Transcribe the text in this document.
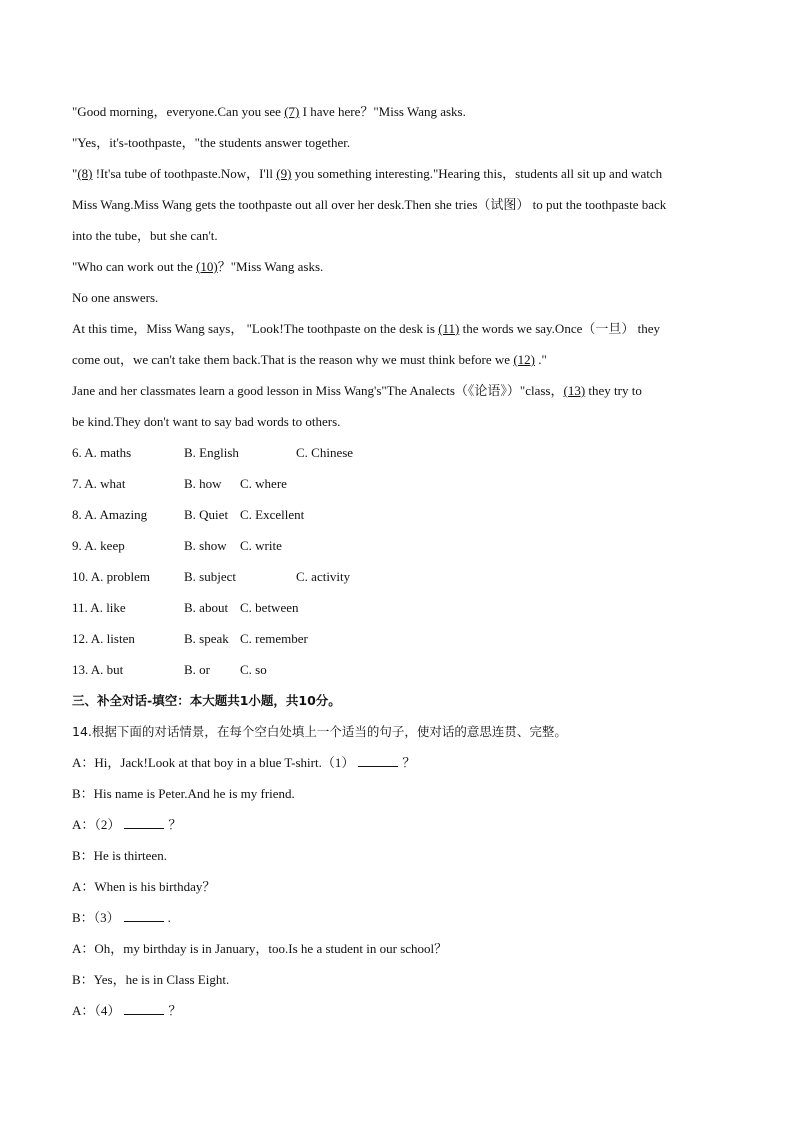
"Good morning，everyone.Can you see (7) I have here？"Miss Wang asks.
"Yes，it's-toothpaste，"the students answer together.
"(8) !It'sa tube of toothpaste.Now，I'll (9) you something interesting."Hearing this，students all sit up and watch
Miss Wang.Miss Wang gets the toothpaste out all over her desk.Then she tries（试图） to put the toothpaste back
into the tube，but she can't.
"Who can work out the (10)？"Miss Wang asks.
No one answers.
At this time，Miss Wang says， "Look!The toothpaste on the desk is (11) the words we say.Once（一旦） they
come out，we can't take them back.That is the reason why we must think before we (12) ."
Jane and her classmates learn a good lesson in Miss Wang's"The Analects（《论语》）"class，(13) they try to
be kind.They don't want to say bad words to others.
6. A. maths	B. English	C. Chinese
7. A. what	B. how C. where
8. A. Amazing	B. Quiet C. Excellent
9. A. keep	B. show C. write
10. A. problem	B. subject	C. activity
11. A. like	B. about C. between
12. A. listen	B. speak C. remember
13. A. but	B. or C. so
三、补全对话-填空：本大题共1小题，共10分。
14.根据下面的对话情景，在每个空白处填上一个适当的句子，使对话的意思连贯、完整。
A：Hi，Jack!Look at that boy in a blue T-shirt.（1）	？
B：His name is Peter.And he is my friend.
A：（2）	？
B：He is thirteen.
A：When is his birthday？
B：（3）	.
A：Oh，my birthday is in January，too.Is he a student in our school？
B：Yes，he is in Class Eight.
A：（4）	？
